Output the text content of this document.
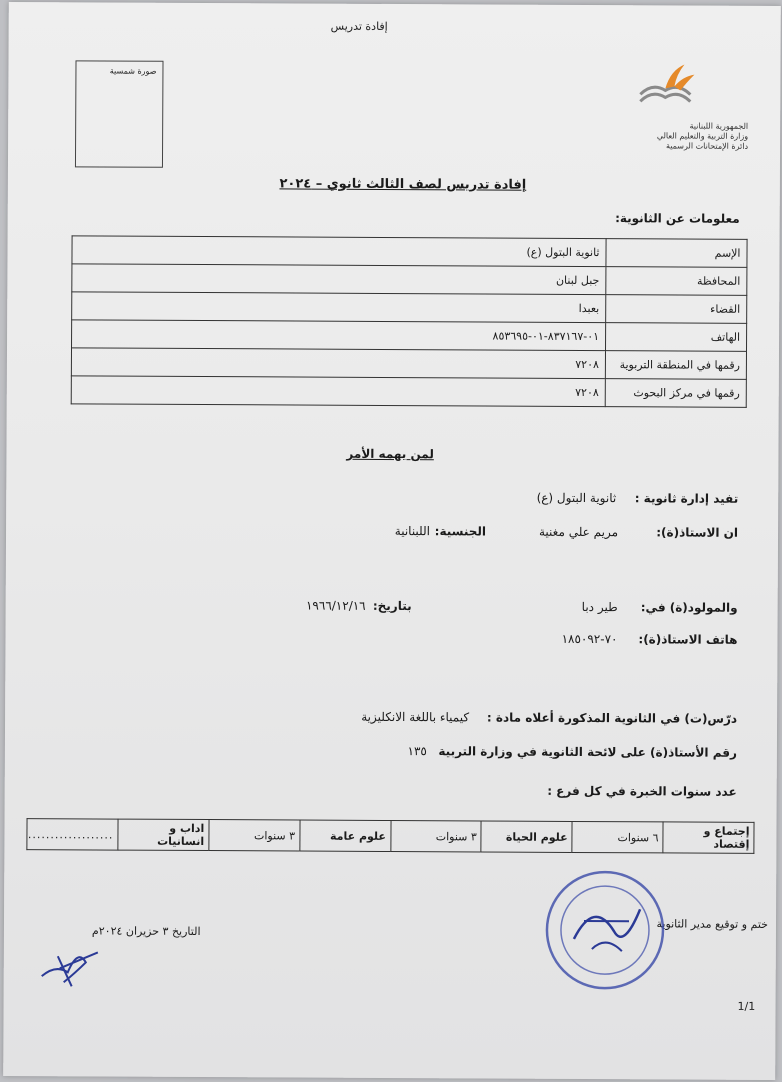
إفادة تدريس
صورة شمسية
الجمهورية اللبنانية
وزارة التربية والتعليم العالي
دائرة الإمتحانات الرسمية
إفادة تدريس لصف الثالث ثانوي – ٢٠٢٤
معلومات عن الثانوية:
الإسم	ثانوية البتول (ع)
المحافظة	جبل لبنان
القضاء	بعبدا
الهاتف	٠١-٨٣٧١٦٧-٠١-٨٥٣٦٩٥
رقمها في المنطقة التربوية	٧٢٠٨
رقمها في مركز البحوث	٧٢٠٨
لمن يهمه الأمر
تفيد إدارة ثانوية :
ثانوية البتول (ع)
ان الاستاذ(ة):
مريم علي مغنية
الجنسية:
اللبنانية
والمولود(ة) في:
طير دبا
بتاريخ:
١٩٦٦/١٢/١٦
هاتف الاستاذ(ة):
٧٠-١٨٥٠٩٢
درّس(ت) في الثانوية المذكورة أعلاه مادة :
كيمياء باللغة الانكليزية
رقم الأستاذ(ة) على لائحة الثانوية في وزارة التربية
١٣٥
عدد سنوات الخبرة في كل فرع :
إجتماع و إقتصاد	٦ سنوات	علوم الحياة	٣ سنوات	علوم عامة	٣ سنوات	اداب و انسانيات	...................
ختم و توقيع مدير الثانوية
التاريخ ٣ حزيران ٢٠٢٤م
1/1
